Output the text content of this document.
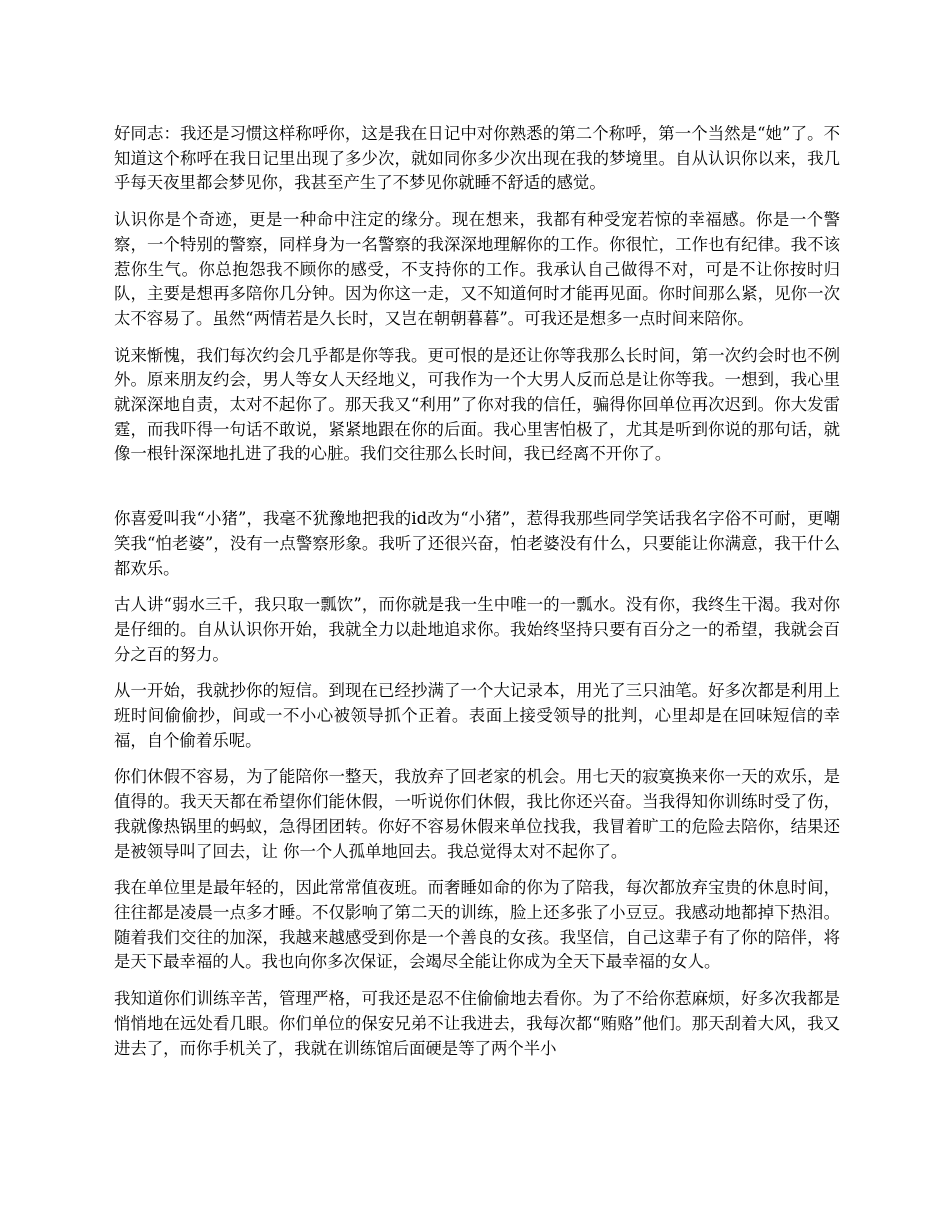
好同志：我还是习惯这样称呼你，这是我在日记中对你熟悉的第二个称呼，第一个当然是“她”了。不知道这个称呼在我日记里出现了多少次，就如同你多少次出现在我的梦境里。自从认识你以来，我几乎每天夜里都会梦见你，我甚至产生了不梦见你就睡不舒适的感觉。

认识你是个奇迹，更是一种命中注定的缘分。现在想来，我都有种受宠若惊的幸福感。你是一个警察，一个特别的警察，同样身为一名警察的我深深地理解你的工作。你很忙，工作也有纪律。我不该惹你生气。你总抱怨我不顾你的感受，不支持你的工作。我承认自己做得不对，可是不让你按时归队，主要是想再多陪你几分钟。因为你这一走，又不知道何时才能再见面。你时间那么紧，见你一次太不容易了。虽然“两情若是久长时，又岂在朝朝暮暮”。可我还是想多一点时间来陪你。

说来惭愧，我们每次约会几乎都是你等我。更可恨的是还让你等我那么长时间，第一次约会时也不例外。原来朋友约会，男人等女人天经地义，可我作为一个大男人反而总是让你等我。一想到，我心里就深深地自责，太对不起你了。那天我又“利用”了你对我的信任，骗得你回单位再次迟到。你大发雷霆，而我吓得一句话不敢说，紧紧地跟在你的后面。我心里害怕极了，尤其是听到你说的那句话，就像一根针深深地扎进了我的心脏。我们交往那么长时间，我已经离不开你了。

你喜爱叫我“小猪”，我毫不犹豫地把我的id改为“小猪”，惹得我那些同学笑话我名字俗不可耐，更嘲笑我“怕老婆”，没有一点警察形象。我听了还很兴奋，怕老婆没有什么，只要能让你满意，我干什么都欢乐。

古人讲“弱水三千，我只取一瓢饮”，而你就是我一生中唯一的一瓢水。没有你，我终生干渴。我对你是仔细的。自从认识你开始，我就全力以赴地追求你。我始终坚持只要有百分之一的希望，我就会百分之百的努力。

从一开始，我就抄你的短信。到现在已经抄满了一个大记录本，用光了三只油笔。好多次都是利用上班时间偷偷抄，间或一不小心被领导抓个正着。表面上接受领导的批判，心里却是在回味短信的幸福，自个偷着乐呢。

你们休假不容易，为了能陪你一整天，我放弃了回老家的机会。用七天的寂寞换来你一天的欢乐，是值得的。我天天都在希望你们能休假，一听说你们休假，我比你还兴奋。当我得知你训练时受了伤，我就像热锅里的蚂蚁，急得团团转。你好不容易休假来单位找我，我冒着旷工的危险去陪你，结果还是被领导叫了回去，让 你一个人孤单地回去。我总觉得太对不起你了。

我在单位里是最年轻的，因此常常值夜班。而奢睡如命的你为了陪我，每次都放弃宝贵的休息时间，往往都是凌晨一点多才睡。不仅影响了第二天的训练，脸上还多张了小豆豆。我感动地都掉下热泪。随着我们交往的加深，我越来越感受到你是一个善良的女孩。我坚信，自己这辈子有了你的陪伴，将是天下最幸福的人。我也向你多次保证，会竭尽全能让你成为全天下最幸福的女人。

我知道你们训练辛苦，管理严格，可我还是忍不住偷偷地去看你。为了不给你惹麻烦，好多次我都是悄悄地在远处看几眼。你们单位的保安兄弟不让我进去，我每次都“贿赂”他们。那天刮着大风，我又进去了，而你手机关了，我就在训练馆后面硬是等了两个半小
